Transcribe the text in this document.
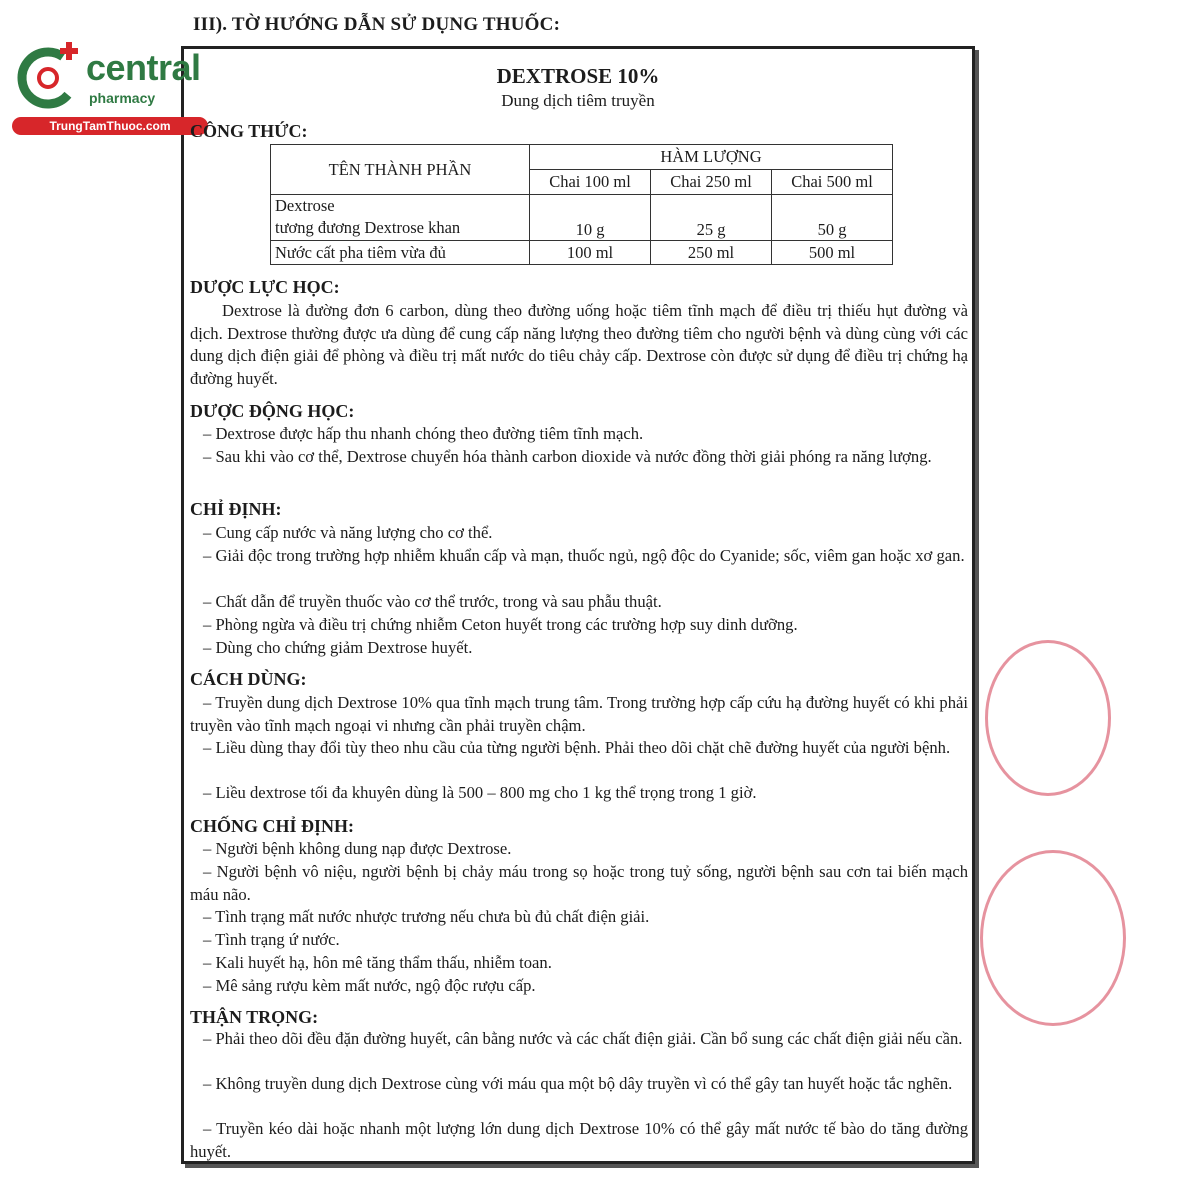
III). TỜ HƯỚNG DẪN SỬ DỤNG THUỐC:
central
pharmacy
TrungTamThuoc.com
DEXTROSE 10%
Dung dịch tiêm truyền
CÔNG THỨC:
TÊN THÀNH PHẦN	HÀM LƯỢNG		
	Chai 100 ml	Chai 250 ml	Chai 500 ml

Dextrose
tương đương Dextrose khan	10 g	25 g	50 g
Nước cất pha tiêm vừa đủ	100 ml	250 ml	500 ml
DƯỢC LỰC HỌC:
Dextrose là đường đơn 6 carbon, dùng theo đường uống hoặc tiêm tĩnh mạch để điều trị thiếu hụt đường và dịch. Dextrose thường được ưa dùng để cung cấp năng lượng theo đường tiêm cho người bệnh và dùng cùng với các dung dịch điện giải để phòng và điều trị mất nước do tiêu chảy cấp. Dextrose còn được sử dụng để điều trị chứng hạ đường huyết.
DƯỢC ĐỘNG HỌC:
– Dextrose được hấp thu nhanh chóng theo đường tiêm tĩnh mạch.
– Sau khi vào cơ thể, Dextrose chuyển hóa thành carbon dioxide và nước đồng thời giải phóng ra năng lượng.
CHỈ ĐỊNH:
– Cung cấp nước và năng lượng cho cơ thể.
– Giải độc trong trường hợp nhiễm khuẩn cấp và mạn, thuốc ngủ, ngộ độc do Cyanide; sốc, viêm gan hoặc xơ gan.
– Chất dẫn để truyền thuốc vào cơ thể trước, trong và sau phẫu thuật.
– Phòng ngừa và điều trị chứng nhiễm Ceton huyết trong các trường hợp suy dinh dưỡng.
– Dùng cho chứng giảm Dextrose huyết.
CÁCH DÙNG:
– Truyền dung dịch Dextrose 10% qua tĩnh mạch trung tâm. Trong trường hợp cấp cứu hạ đường huyết có khi phải truyền vào tĩnh mạch ngoại vi nhưng cần phải truyền chậm.
– Liều dùng thay đổi tùy theo nhu cầu của từng người bệnh. Phải theo dõi chặt chẽ đường huyết của người bệnh.
– Liều dextrose tối đa khuyên dùng là 500 – 800 mg cho 1 kg thể trọng trong 1 giờ.
CHỐNG CHỈ ĐỊNH:
– Người bệnh không dung nạp được Dextrose.
– Người bệnh vô niệu, người bệnh bị chảy máu trong sọ hoặc trong tuỷ sống, người bệnh sau cơn tai biến mạch máu não.
– Tình trạng mất nước nhược trương nếu chưa bù đủ chất điện giải.
– Tình trạng ứ nước.
– Kali huyết hạ, hôn mê tăng thẩm thấu, nhiễm toan.
– Mê sảng rượu kèm mất nước, ngộ độc rượu cấp.
THẬN TRỌNG:
– Phải theo dõi đều đặn đường huyết, cân bằng nước và các chất điện giải. Cần bổ sung các chất điện giải nếu cần.
– Không truyền dung dịch Dextrose cùng với máu qua một bộ dây truyền vì có thể gây tan huyết hoặc tắc nghẽn.
– Truyền kéo dài hoặc nhanh một lượng lớn dung dịch Dextrose 10% có thể gây mất nước tế bào do tăng đường huyết.
